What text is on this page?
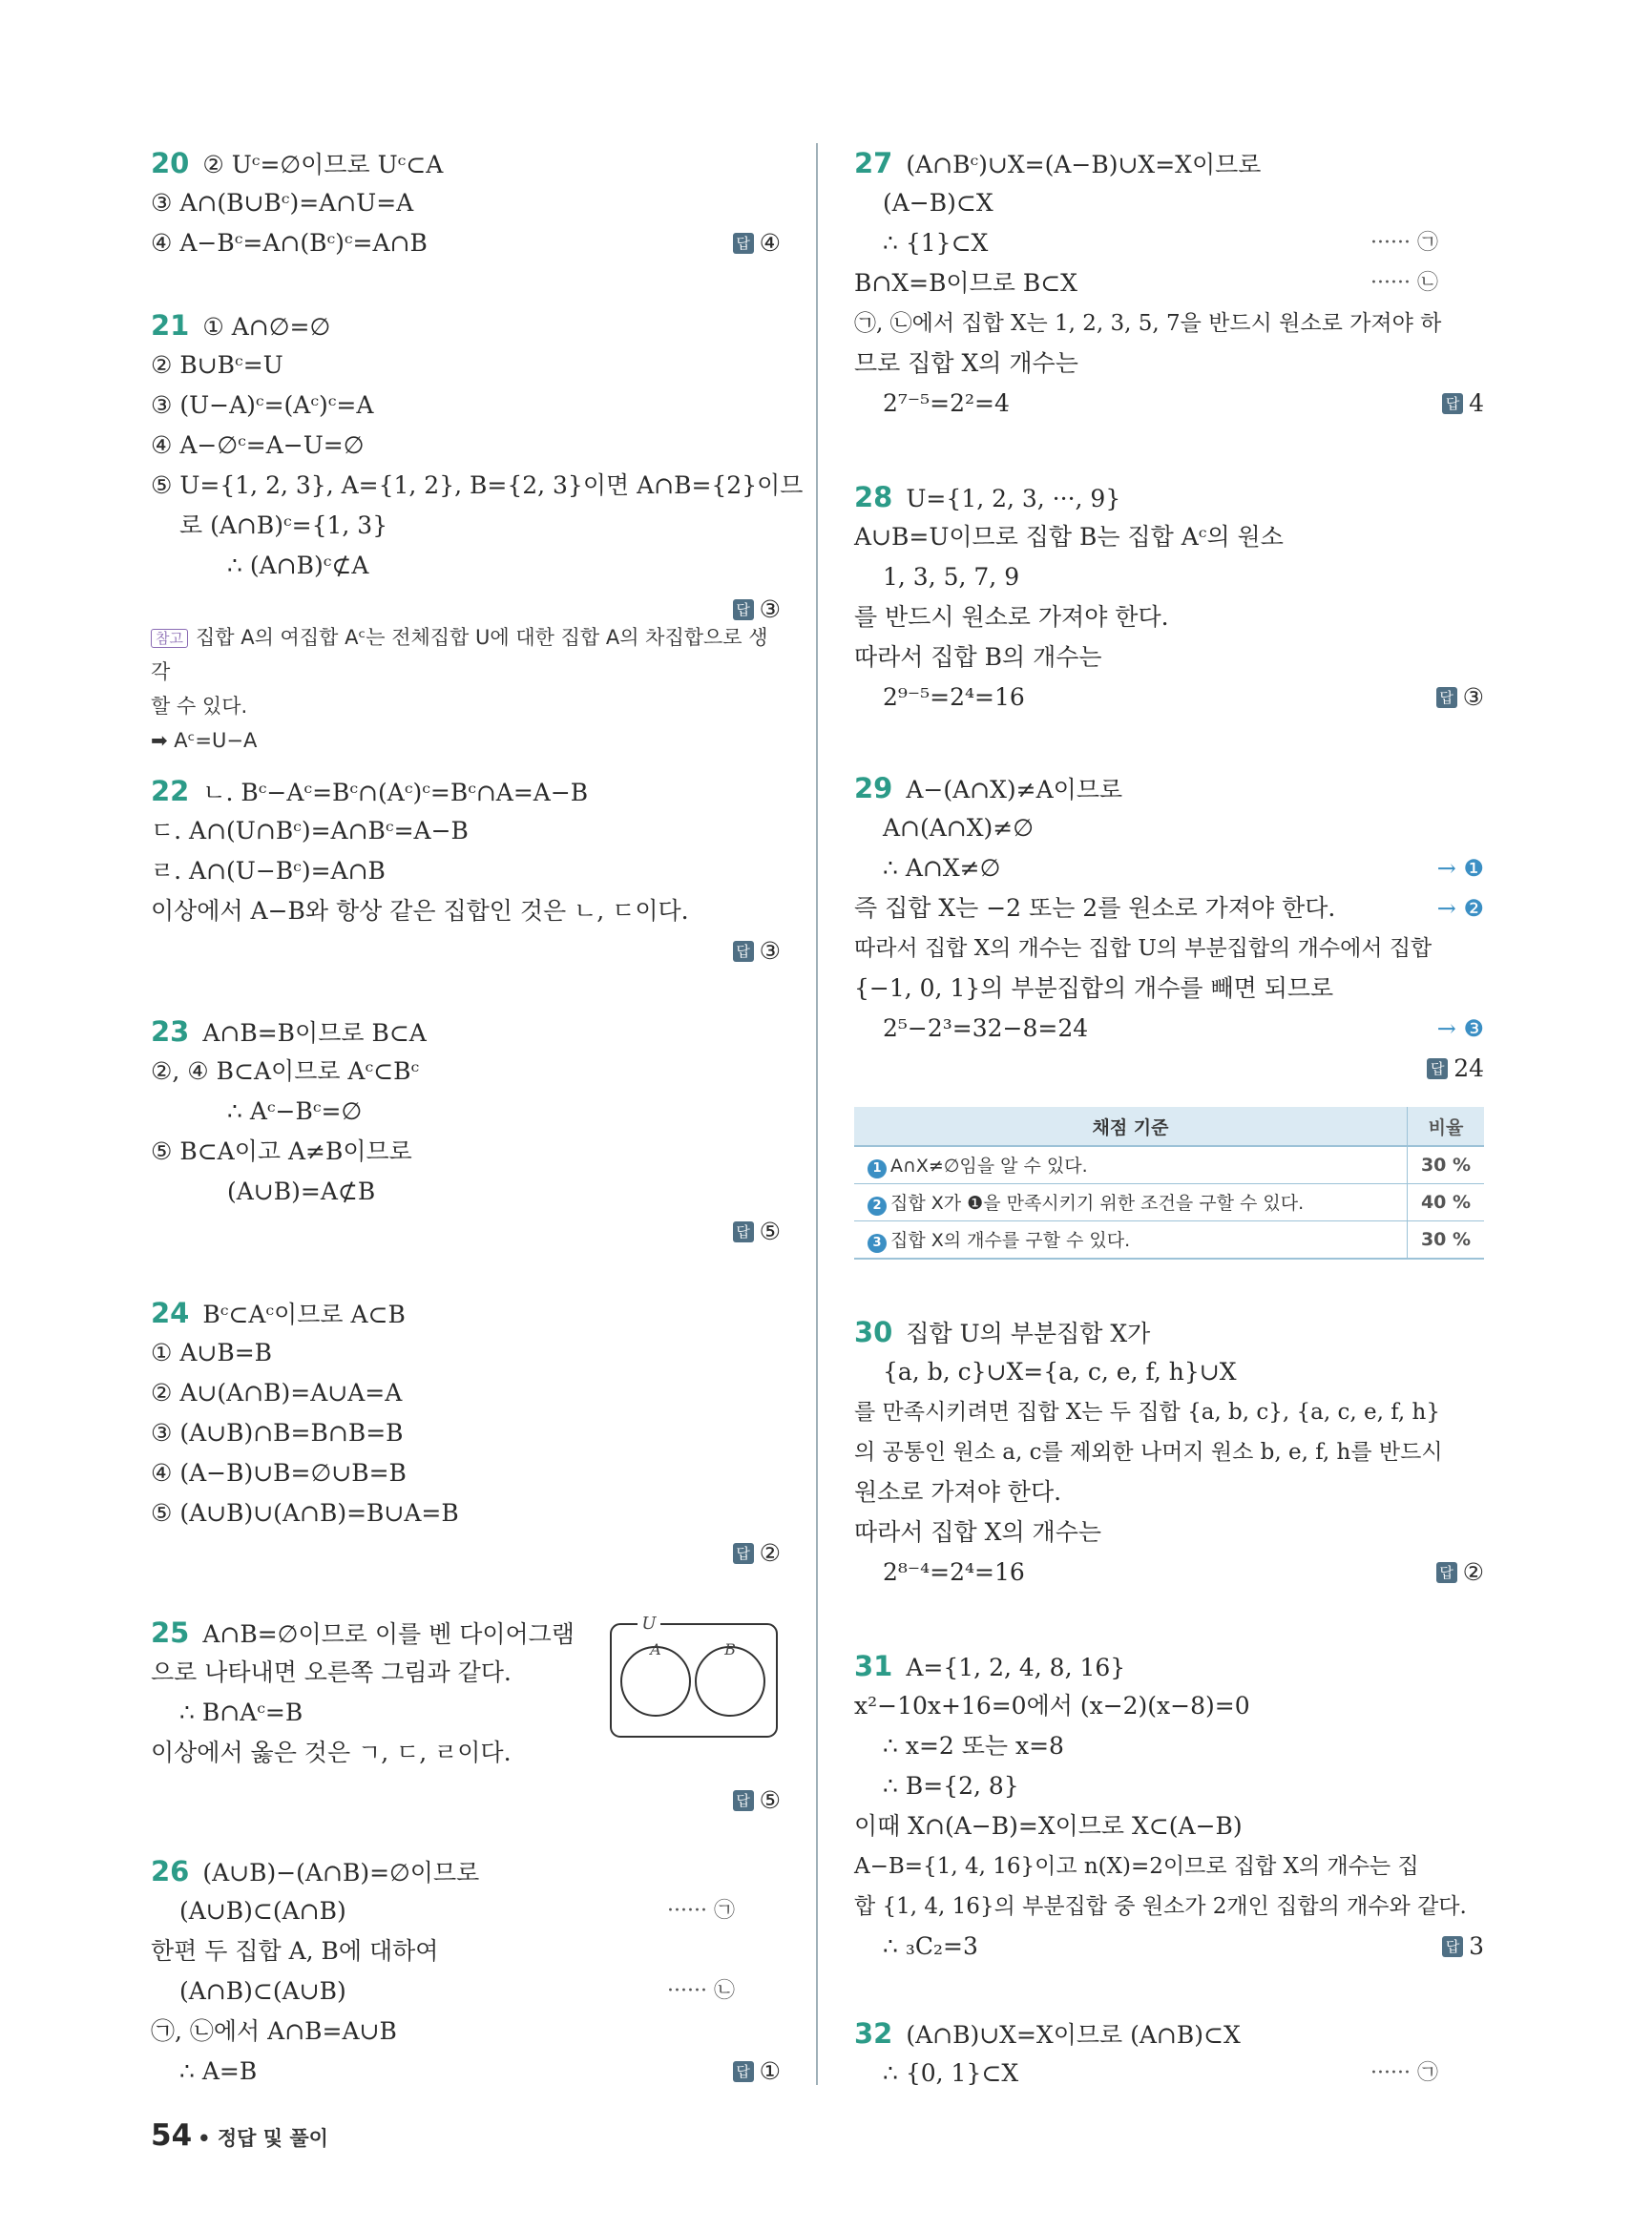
20 ② Uᶜ=∅이므로 Uᶜ⊂A
③ A∩(B∪Bᶜ)=A∩U=A
④ A−Bᶜ=A∩(Bᶜ)ᶜ=A∩B	답 ④
21 ① A∩∅=∅
② B∪Bᶜ=U
③ (U−A)ᶜ=(Aᶜ)ᶜ=A
④ A−∅ᶜ=A−U=∅
⑤ U={1, 2, 3}, A={1, 2}, B={2, 3}이면 A∩B={2}이므
로 (A∩B)ᶜ={1, 3}
∴ (A∩B)ᶜ⊄A
답 ③
참고 집합 A의 여집합 Aᶜ는 전체집합 U에 대한 집합 A의 차집합으로 생각
할 수 있다.
➡ Aᶜ=U−A
22 ㄴ. Bᶜ−Aᶜ=Bᶜ∩(Aᶜ)ᶜ=Bᶜ∩A=A−B
ㄷ. A∩(U∩Bᶜ)=A∩Bᶜ=A−B
ㄹ. A∩(U−Bᶜ)=A∩B
이상에서 A−B와 항상 같은 집합인 것은 ㄴ, ㄷ이다.
답 ③
23 A∩B=B이므로 B⊂A
②, ④ B⊂A이므로 Aᶜ⊂Bᶜ
∴ Aᶜ−Bᶜ=∅
⑤ B⊂A이고 A≠B이므로
(A∪B)=A⊄B
답 ⑤
24 Bᶜ⊂Aᶜ이므로 A⊂B
① A∪B=B
② A∪(A∩B)=A∪A=A
③ (A∪B)∩B=B∩B=B
④ (A−B)∪B=∅∪B=B
⑤ (A∪B)∪(A∩B)=B∪A=B
답 ②
25 A∩B=∅이므로 이를 벤 다이어그램
으로 나타내면 오른쪽 그림과 같다.
∴ B∩Aᶜ=B
이상에서 옳은 것은 ㄱ, ㄷ, ㄹ이다.
답 ⑤
U
A	B
26 (A∪B)−(A∩B)=∅이므로
(A∪B)⊂(A∩B)	······ ㉠
한편 두 집합 A, B에 대하여
(A∩B)⊂(A∪B)	······ ㉡
㉠, ㉡에서 A∩B=A∪B
∴ A=B	답 ①
27 (A∩Bᶜ)∪X=(A−B)∪X=X이므로
(A−B)⊂X
∴ {1}⊂X	······ ㉠
B∩X=B이므로 B⊂X	······ ㉡
㉠, ㉡에서 집합 X는 1, 2, 3, 5, 7을 반드시 원소로 가져야 하
므로 집합 X의 개수는
2⁷⁻⁵=2²=4	답 4
28 U={1, 2, 3, ···, 9}
A∪B=U이므로 집합 B는 집합 Aᶜ의 원소
1, 3, 5, 7, 9
를 반드시 원소로 가져야 한다.
따라서 집합 B의 개수는
2⁹⁻⁵=2⁴=16	답 ③
29 A−(A∩X)≠A이므로
A∩(A∩X)≠∅
∴ A∩X≠∅	→ ❶
즉 집합 X는 −2 또는 2를 원소로 가져야 한다.	→ ❷
따라서 집합 X의 개수는 집합 U의 부분집합의 개수에서 집합
{−1, 0, 1}의 부분집합의 개수를 빼면 되므로
2⁵−2³=32−8=24	→ ❸
답 24
채점 기준	비율
1 A∩X≠∅임을 알 수 있다.	30 %
2 집합 X가 ❶을 만족시키기 위한 조건을 구할 수 있다.	40 %
3 집합 X의 개수를 구할 수 있다.	30 %
30 집합 U의 부분집합 X가
{a, b, c}∪X={a, c, e, f, h}∪X
를 만족시키려면 집합 X는 두 집합 {a, b, c}, {a, c, e, f, h}
의 공통인 원소 a, c를 제외한 나머지 원소 b, e, f, h를 반드시
원소로 가져야 한다.
따라서 집합 X의 개수는
2⁸⁻⁴=2⁴=16	답 ②
31 A={1, 2, 4, 8, 16}
x²−10x+16=0에서 (x−2)(x−8)=0
∴ x=2 또는 x=8
∴ B={2, 8}
이때 X∩(A−B)=X이므로 X⊂(A−B)
A−B={1, 4, 16}이고 n(X)=2이므로 집합 X의 개수는 집
합 {1, 4, 16}의 부분집합 중 원소가 2개인 집합의 개수와 같다.
∴ ₃C₂=3	답 3
32 (A∩B)∪X=X이므로 (A∩B)⊂X
∴ {0, 1}⊂X	······ ㉠
54 • 정답 및 풀이
